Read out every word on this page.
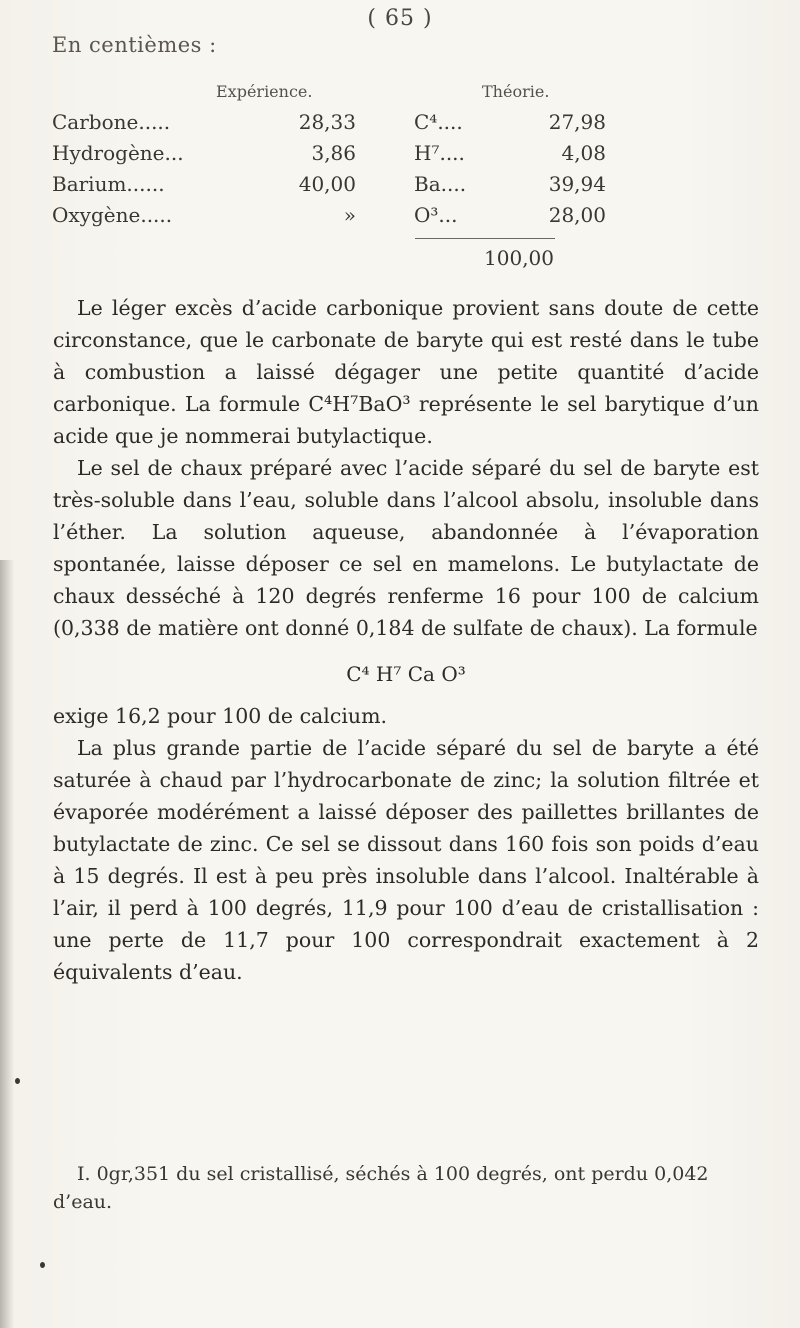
( 65 )
En centièmes :
Expérience.	Théorie.
Carbone.....	28,33	C⁴....	27,98
Hydrogène...	3,86	H⁷....	4,08
Barium......	40,00	Ba....	39,94
Oxygène.....	»	O³...	28,00
100,00

Le léger excès d’acide carbonique provient sans doute de cette circonstance, que le carbonate de baryte qui est resté dans le tube à combustion a laissé dégager une petite quantité d’acide carbonique. La formule C⁴H⁷BaO³ représente le sel barytique d’un acide que je nommerai butylactique.

Le sel de chaux préparé avec l’acide séparé du sel de baryte est très-soluble dans l’eau, soluble dans l’alcool absolu, insoluble dans l’éther. La solution aqueuse, abandonnée à l’évaporation spontanée, laisse déposer ce sel en mamelons. Le butylactate de chaux desséché à 120 degrés renferme 16 pour 100 de calcium (0,338 de matière ont donné 0,184 de sulfate de chaux). La formule

C⁴ H⁷ Ca O³

exige 16,2 pour 100 de calcium.

La plus grande partie de l’acide séparé du sel de baryte a été saturée à chaud par l’hydrocarbonate de zinc; la solution filtrée et évaporée modérément a laissé déposer des paillettes brillantes de butylactate de zinc. Ce sel se dissout dans 160 fois son poids d’eau à 15 degrés. Il est à peu près insoluble dans l’alcool. Inaltérable à l’air, il perd à 100 degrés, 11,9 pour 100 d’eau de cristallisation : une perte de 11,7 pour 100 correspondrait exactement à 2 équivalents d’eau.

I. 0gr,351 du sel cristallisé, séchés à 100 degrés, ont perdu 0,042 d’eau.
